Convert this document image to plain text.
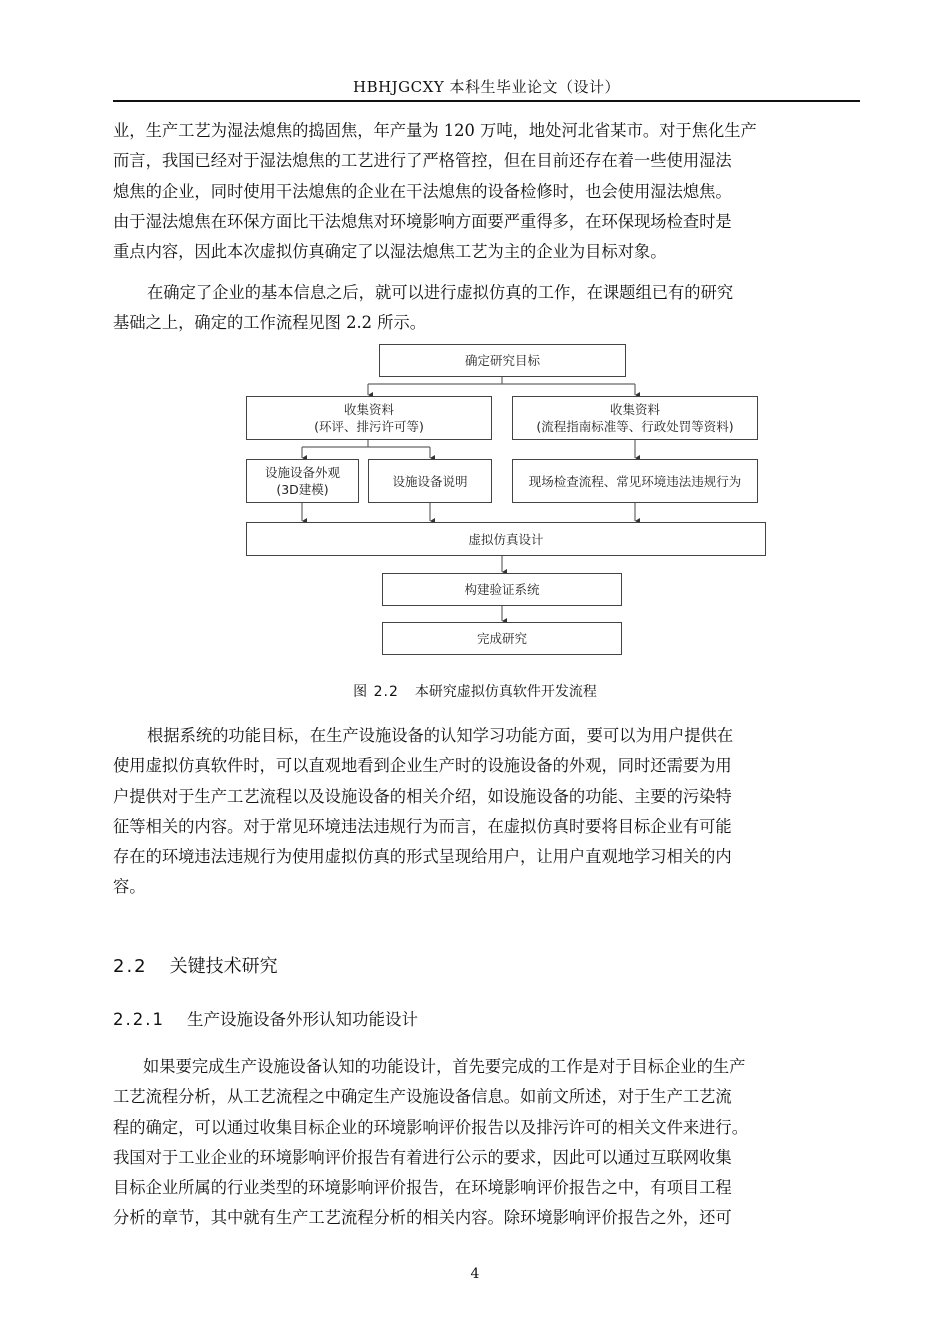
HBHJGCXY 本科生毕业论文（设计）
业，生产工艺为湿法熄焦的捣固焦，年产量为 120 万吨，地处河北省某市。对于焦化生产
而言，我国已经对于湿法熄焦的工艺进行了严格管控，但在目前还存在着一些使用湿法
熄焦的企业，同时使用干法熄焦的企业在干法熄焦的设备检修时，也会使用湿法熄焦。
由于湿法熄焦在环保方面比干法熄焦对环境影响方面要严重得多，在环保现场检查时是
重点内容，因此本次虚拟仿真确定了以湿法熄焦工艺为主的企业为目标对象。
在确定了企业的基本信息之后，就可以进行虚拟仿真的工作，在课题组已有的研究
基础之上，确定的工作流程见图 2.2 所示。
确定研究目标
收集资料
(环评、排污许可等)
收集资料
(流程指南标准等、行政处罚等资料)
设施设备外观
(3D建模)
设施设备说明	现场检查流程、常见环境违法违规行为
虚拟仿真设计
构建验证系统
完成研究
图 2.2 本研究虚拟仿真软件开发流程
根据系统的功能目标，在生产设施设备的认知学习功能方面，要可以为用户提供在
使用虚拟仿真软件时，可以直观地看到企业生产时的设施设备的外观，同时还需要为用
户提供对于生产工艺流程以及设施设备的相关介绍，如设施设备的功能、主要的污染特
征等相关的内容。对于常见环境违法违规行为而言，在虚拟仿真时要将目标企业有可能
存在的环境违法违规行为使用虚拟仿真的形式呈现给用户，让用户直观地学习相关的内
容。
2.2 关键技术研究
2.2.1 生产设施设备外形认知功能设计
如果要完成生产设施设备认知的功能设计，首先要完成的工作是对于目标企业的生产
工艺流程分析，从工艺流程之中确定生产设施设备信息。如前文所述，对于生产工艺流
程的确定，可以通过收集目标企业的环境影响评价报告以及排污许可的相关文件来进行。
我国对于工业企业的环境影响评价报告有着进行公示的要求，因此可以通过互联网收集
目标企业所属的行业类型的环境影响评价报告，在环境影响评价报告之中，有项目工程
分析的章节，其中就有生产工艺流程分析的相关内容。除环境影响评价报告之外，还可
4
